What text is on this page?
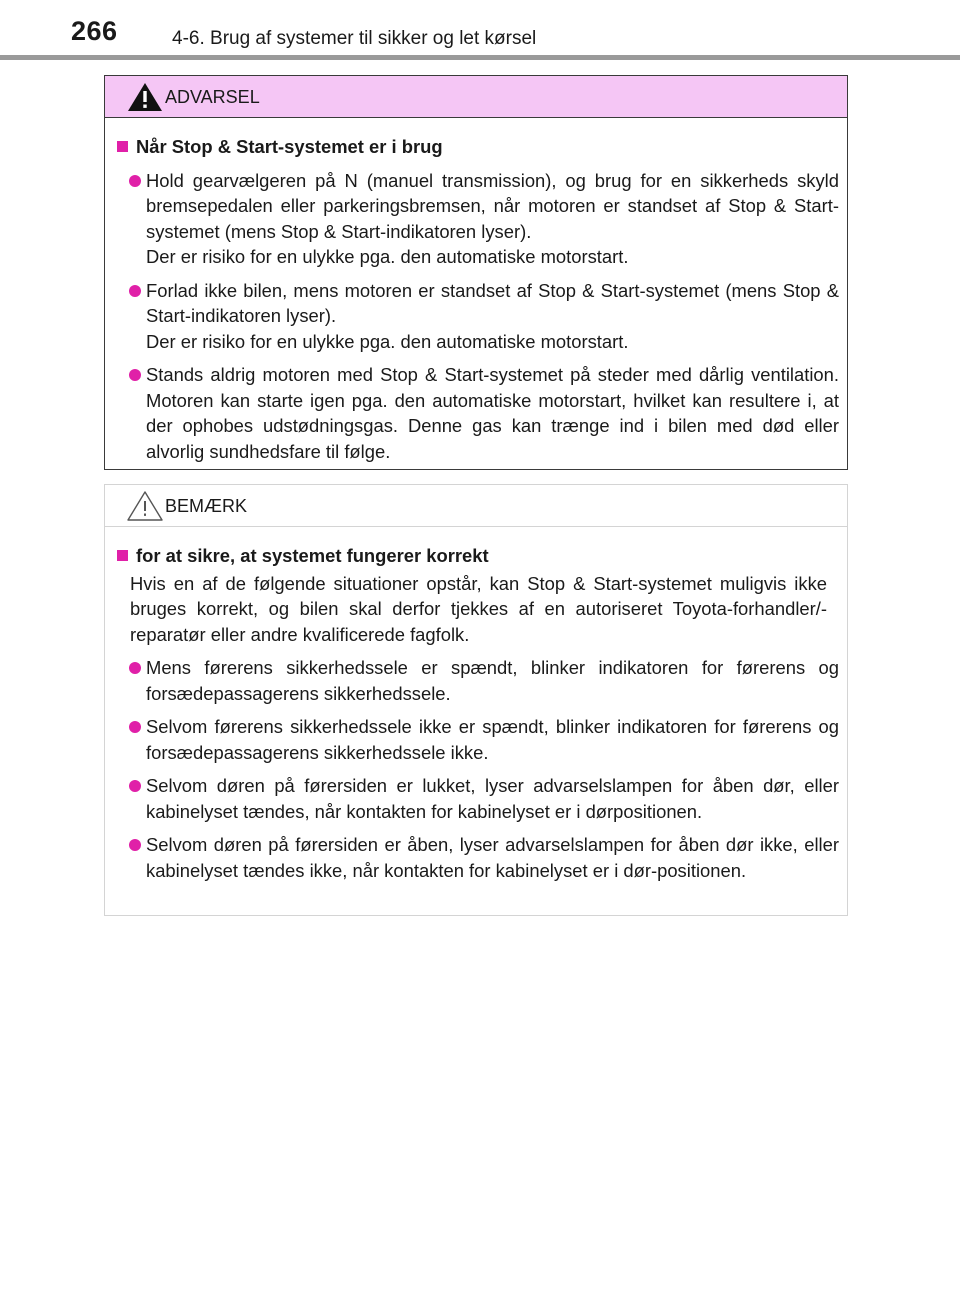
266	4-6. Brug af systemer til sikker og let kørsel
ADVARSEL
Når Stop & Start-systemet er i brug
Hold gearvælgeren på N (manuel transmission), og brug for en sikkerheds skyld bremsepedalen eller parkeringsbremsen, når motoren er standset af Stop & Start-systemet (mens Stop & Start-indikatoren lyser).
Der er risiko for en ulykke pga. den automatiske motorstart.
Forlad ikke bilen, mens motoren er standset af Stop & Start-systemet (mens Stop & Start-indikatoren lyser).
Der er risiko for en ulykke pga. den automatiske motorstart.
Stands aldrig motoren med Stop & Start-systemet på steder med dårlig ventilation. Motoren kan starte igen pga. den automatiske motorstart, hvilket kan resultere i, at der ophobes udstødningsgas. Denne gas kan trænge ind i bilen med død eller alvorlig sundhedsfare til følge.
BEMÆRK
for at sikre, at systemet fungerer korrekt
Hvis en af de følgende situationer opstår, kan Stop & Start-systemet muligvis ikke bruges korrekt, og bilen skal derfor tjekkes af en autoriseret Toyota-forhandler/-reparatør eller andre kvalificerede fagfolk.
Mens førerens sikkerhedssele er spændt, blinker indikatoren for førerens og forsædepassagerens sikkerhedssele.
Selvom førerens sikkerhedssele ikke er spændt, blinker indikatoren for førerens og forsædepassagerens sikkerhedssele ikke.
Selvom døren på førersiden er lukket, lyser advarselslampen for åben dør, eller kabinelyset tændes, når kontakten for kabinelyset er i dørpositionen.
Selvom døren på førersiden er åben, lyser advarselslampen for åben dør ikke, eller kabinelyset tændes ikke, når kontakten for kabinelyset er i dør-positionen.
